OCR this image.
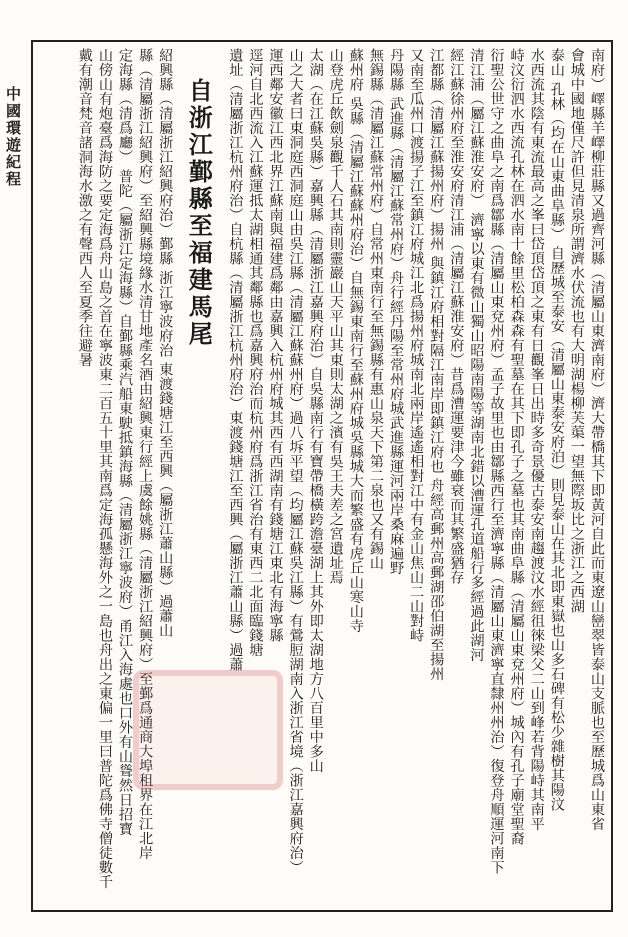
南府）嶧縣羊嶧柳莊縣又過齊河縣（清屬山東濟南府）濟大帶橋其下即黃河自此而東遼山巒翠皆泰山支脈也至歷城爲山東省

會城中國地僅尺許但見清泉所謂濟水伏流也有大明湖楊柳芙蕖一望無際坂比之浙江之西湖

泰山 孔林（均在山東曲阜縣） 自歷城至泰安（清屬山東泰安府泊）則見泰山在其北即東嶽也山多石碑有松少雜樹其陽汶

水西流其陰有東流最高之峯曰岱頂岱頂之東有日觀峯日出時多奇景優古泰安南趨渡汶水經徂徠梁父二山到峰若背陽峙其南平

峙汶衍泗水西流孔林在泗水南十餘里松柏森森有聖墓在其下即孔子之墓也其南曲阜縣（清屬山東兗州府）城內有孔子廟堂聖裔

衍聖公世守之曲阜之南爲鄒縣（清屬山東兗州府）孟子故里也由鄒縣西行至濟寧縣（清屬山東濟寧直隸州州治）復登舟順運河南下

清江浦（屬江蘇淮安府） 濟寧以東有微山獨山昭陽南陽等湖南北錯以漕運孔道船行多經過此湖河

經江蘇徐州府至淮安府清江浦（清屬江蘇淮安府）昔爲漕運要津今雖衰而其繁盛猶存

江都縣（清屬江蘇揚州府）揚州 與鎮江府相對隔江南岸即鎮江府也 舟經高郵州高郵湖邵伯湖至揚州

又南至瓜州口渡揚子江至鎮江府城江北爲揚州府城南北兩岸遙遙相對江中有金山焦山二山對峙

丹陽縣 武進縣（清屬江蘇常州府）舟行經丹陽至常州府城武進縣運河兩岸桑麻遍野

無錫縣（清屬江蘇常州府）自常州東南行至無錫縣有惠山泉天下第二泉也又有錫山

蘇州府 吳縣（清屬江蘇蘇州府治）自無錫東南行至蘇州府城吳縣城大而繁盛有虎丘山寒山寺

山登虎丘飲劍泉觀千人石其南則靈巖山天平山其東則太湖之濱有吳王夫差之宮遺址焉

太湖（在江蘇吳縣）嘉興縣（清屬浙江嘉興府治）自吳縣南行有寶帶橋橫跨澹臺湖上其外即太湖地方八百里中多山

山之大者曰東洞庭西洞庭山由吳江縣（清屬江蘇蘇州府）過八坼平望（均屬江蘇吳江縣）有鶯脰湖南入浙江省境（浙江嘉興府治）

運西鄰安徽江西北界江蘇南與福建爲鄰由嘉興入杭州府城其西有西湖南有錢塘江東北有海寧縣

逕河自北西流入江蘇運抵太湖相通其鄰縣也爲嘉興府治而杭州府爲浙江省治有東西二北面臨錢塘

遺址（清屬浙江杭州府治）自杭縣（清屬浙江杭州府治）東渡錢塘江至西興（屬浙江蕭山縣）過蕭

自浙江鄞縣至福建馬尾

紹興縣（清屬浙江紹興府治）鄞縣 浙江寧波府治 東渡錢塘江至西興（屬浙江蕭山縣）過蕭山

縣（清屬浙江紹興府）至紹興縣境緣水清甘地產名酒由紹興東行經上虞餘姚縣（清屬浙江紹興府）至鄞爲通商大埠租界在江北岸

定海縣（清爲廳） 普陀（屬浙江定海縣）自鄞縣乘汽船東駛抵鎮海縣（清屬浙江寧波府）甬江入海處也口外有山聳然日招寶

山傍山有炮臺爲海防之要定海爲舟山島之首在寧波東二百五十里其南爲定海孤懸海外之一島也舟出之東偏一里曰普陀爲佛寺僧徒數千

戴有潮音梵音諸洞海水激之有聲西人至夏季往避暑

中國環遊紀程
